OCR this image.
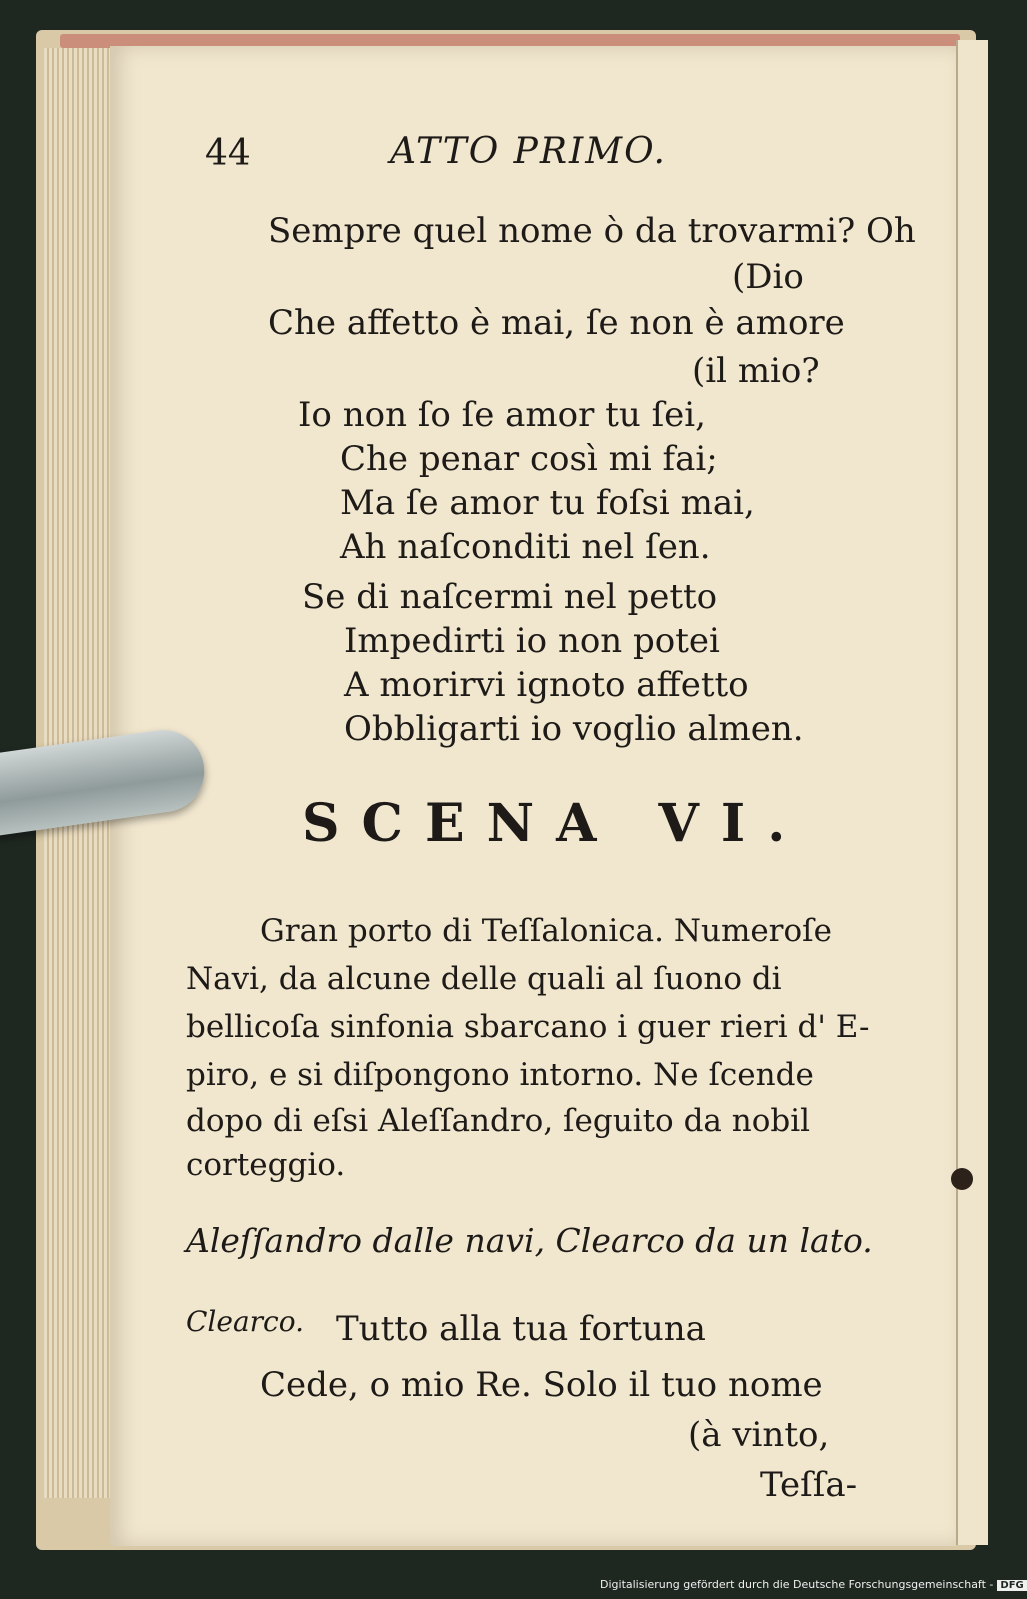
44	ATTO PRIMO.
Sempre quel nome ò da trovarmi? Oh
(Dio
Che affetto è mai, ſe non è amore
(il mio?
Io non ſo ſe amor tu ſei,
Che penar così mi fai;
Ma ſe amor tu foſsi mai,
Ah naſconditi nel ſen.
Se di naſcermi nel petto
Impedirti io non potei
A morirvi ignoto affetto
Obbligarti io voglio almen.
SCENA VI.
Gran porto di Teſſalonica. Numeroſe
Navi, da alcune delle quali al ſuono di
bellicoſa sinfonia sbarcano i guer rieri d' E-
piro, e si diſpongono intorno. Ne ſcende
dopo di eſsi Aleſſandro, ſeguito da nobil
corteggio.
Aleſſandro dalle navi, Clearco da un lato.
Clearco. Tutto alla tua fortuna
Cede, o mio Re. Solo il tuo nome
(à vinto,
Teſſa-
Digitalisierung gefördert durch die Deutsche Forschungsgemeinschaft - DFG
